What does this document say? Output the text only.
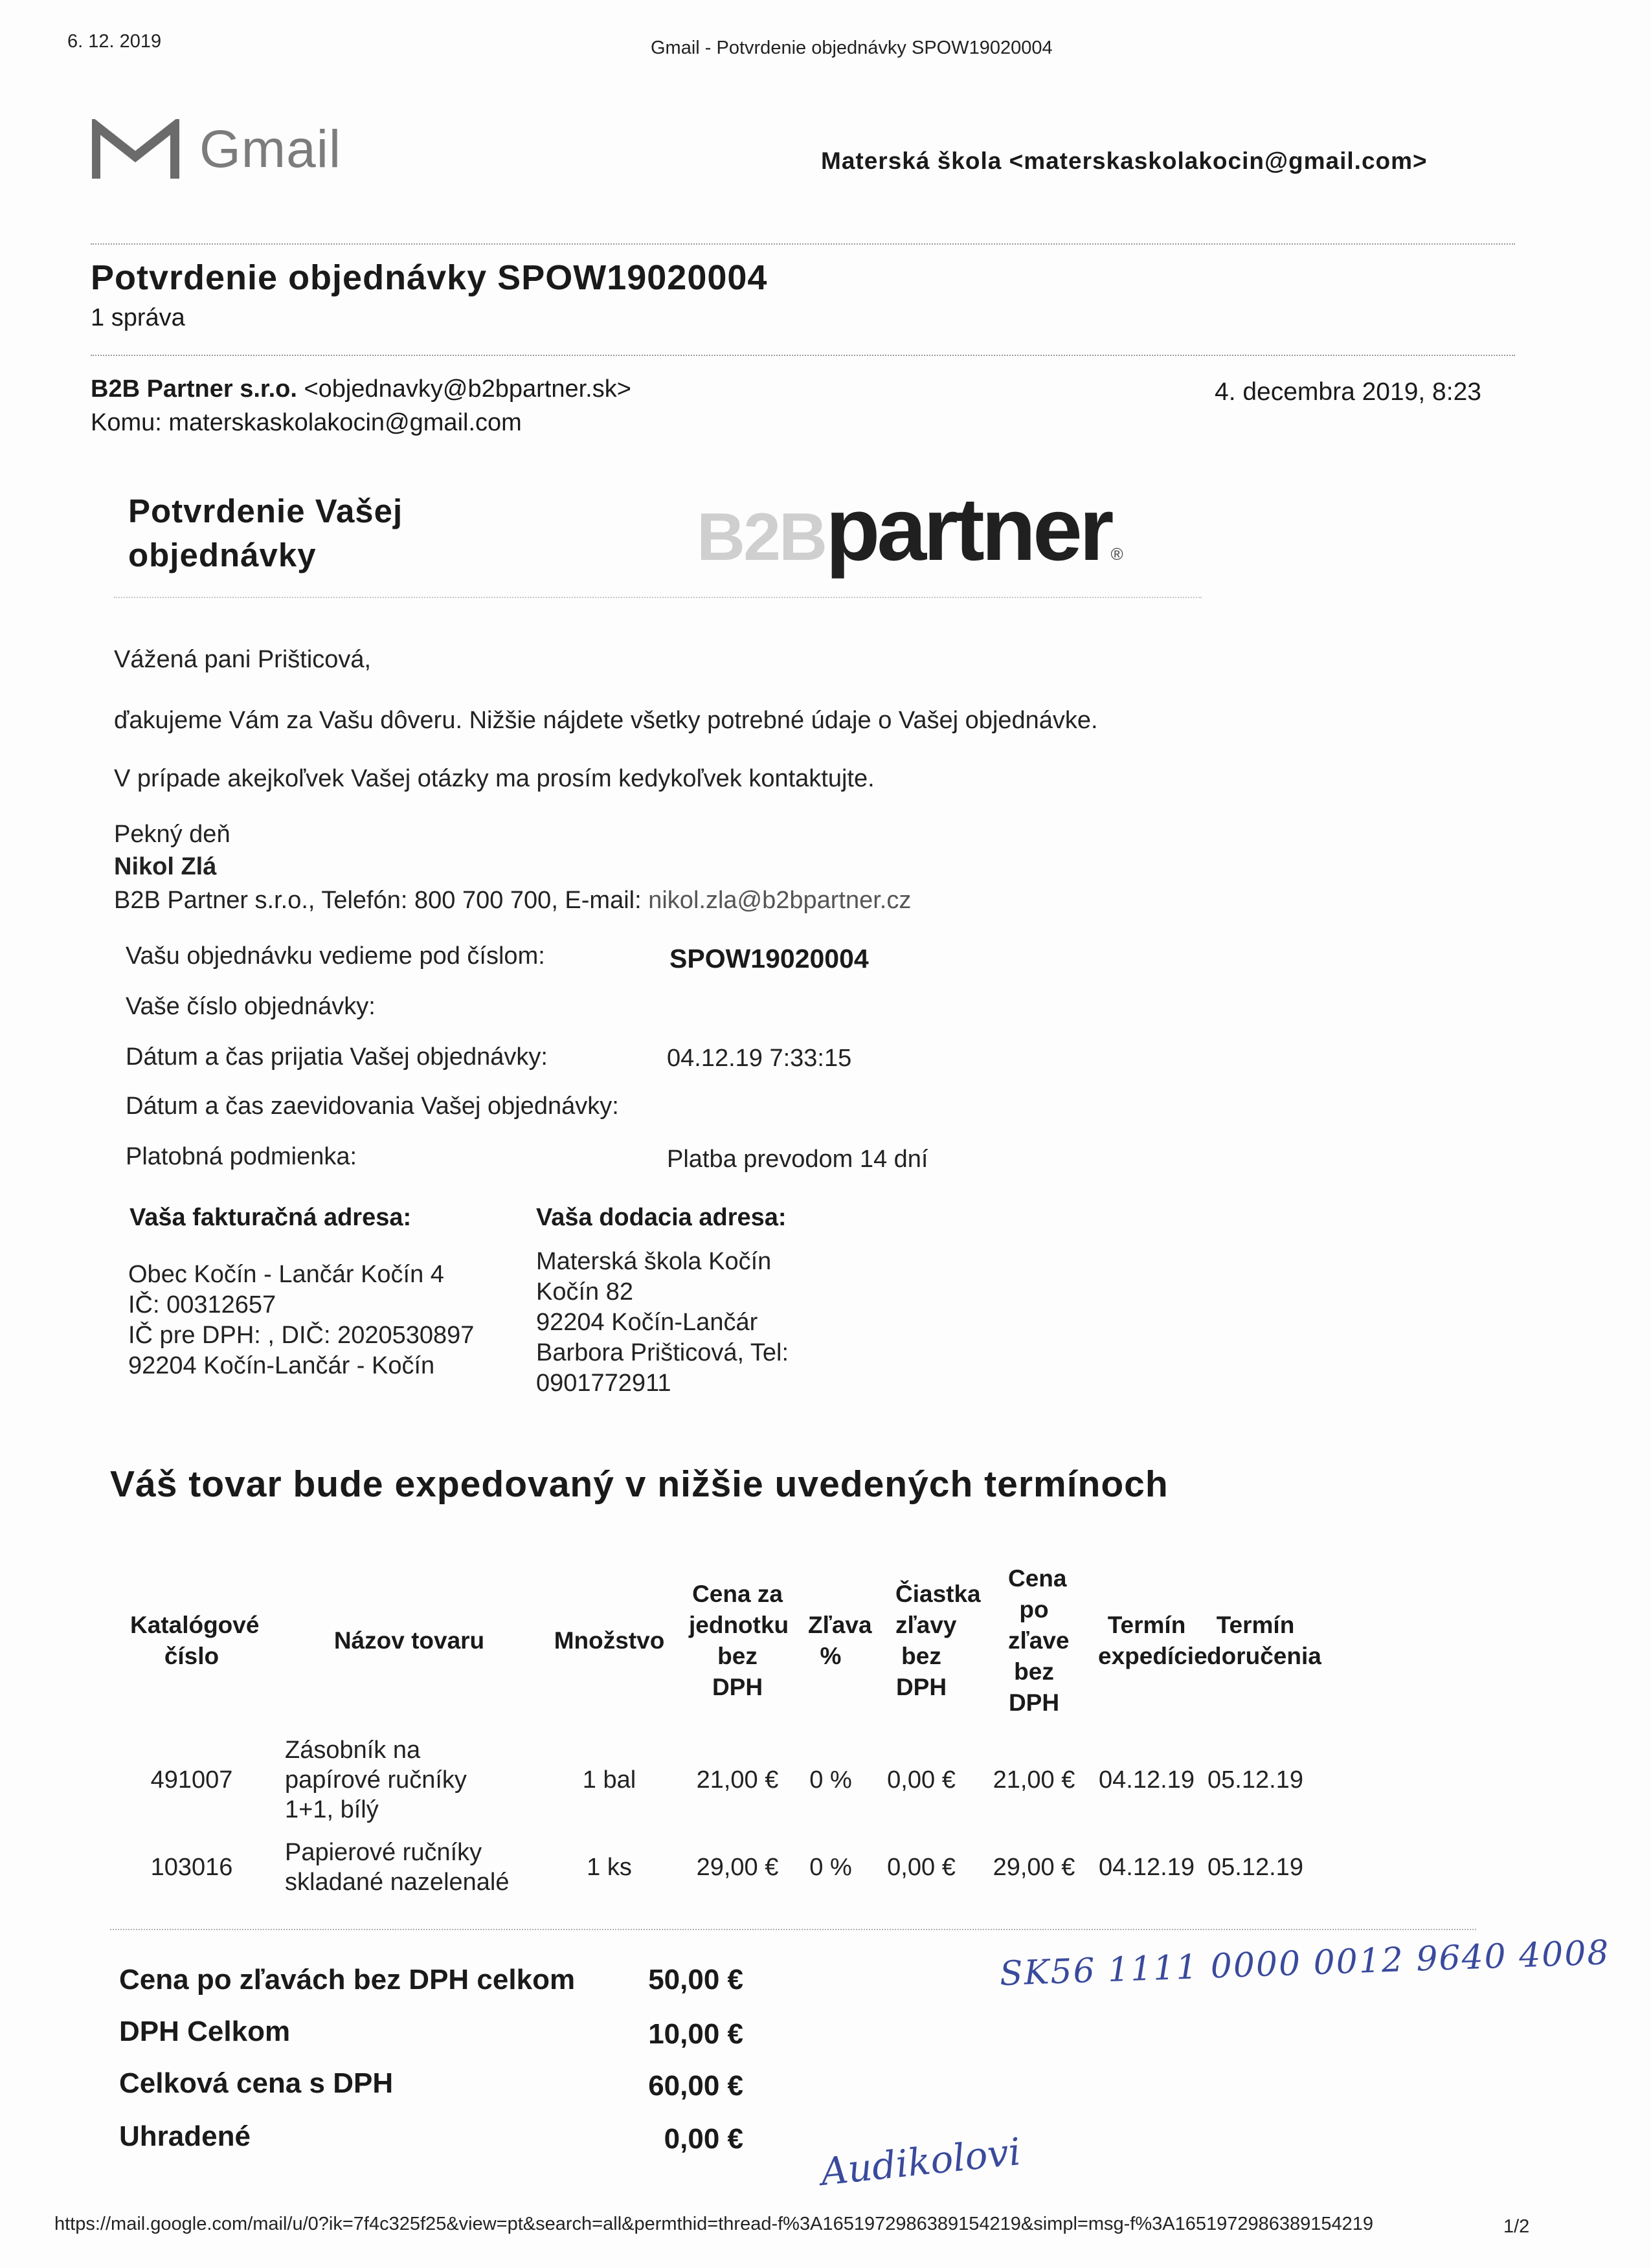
6. 12. 2019	Gmail - Potvrdenie objednávky SPOW19020004
Gmail	Materská škola <materskaskolakocin@gmail.com>
Potvrdenie objednávky SPOW19020004
1 správa
B2B Partner s.r.o. <objednavky@b2bpartner.sk>
Komu: materskaskolakocin@gmail.com
4. decembra 2019, 8:23
Potvrdenie Vašej
objednávky	B2Bpartner®
Vážená pani Prišticová,
ďakujeme Vám za Vašu dôveru. Nižšie nájdete všetky potrebné údaje o Vašej objednávke.
V prípade akejkoľvek Vašej otázky ma prosím kedykoľvek kontaktujte.
Pekný deň
Nikol Zlá
B2B Partner s.r.o., Telefón: 800 700 700, E-mail: nikol.zla@b2bpartner.cz
Vašu objednávku vedieme pod číslom:	SPOW19020004
Vaše číslo objednávky:
Dátum a čas prijatia Vašej objednávky:	04.12.19 7:33:15
Dátum a čas zaevidovania Vašej objednávky:
Platobná podmienka:	Platba prevodom 14 dní
Vaša fakturačná adresa:
Obec Kočín - Lančár Kočín 4
IČ: 00312657
IČ pre DPH: , DIČ: 2020530897
92204 Kočín-Lančár - Kočín
Vaša dodacia adresa:
Materská škola Kočín
Kočín 82
92204 Kočín-Lančár
Barbora Prišticová, Tel:
0901772911
Váš tovar bude expedovaný v nižšie uvedených termínoch
Katalógové číslo	Názov tovaru	Množstvo	Cena za jednotku bez DPH	Zľava %	Čiastka zľavy bez DPH	Cena po zľave bez DPH	Termín expedície	Termín doručenia

491007	Zásobník na papírové ručníky 1+1, bílý	1 bal	21,00 €	0 %	0,00 €	21,00 €	04.12.19	05.12.19
103016	Papierové ručníky skladané nazelenalé	1 ks	29,00 €	0 %	0,00 €	29,00 €	04.12.19	05.12.19
Cena po zľavách bez DPH celkom	50,00 €
DPH Celkom	10,00 €
Celková cena s DPH	60,00 €
Uhradené	0,00 €
SK56 1111 0000 0012 9640 4008
Audikolovi
https://mail.google.com/mail/u/0?ik=7f4c325f25&view=pt&search=all&permthid=thread-f%3A1651972986389154219&simpl=msg-f%3A1651972986389154219	1/2
